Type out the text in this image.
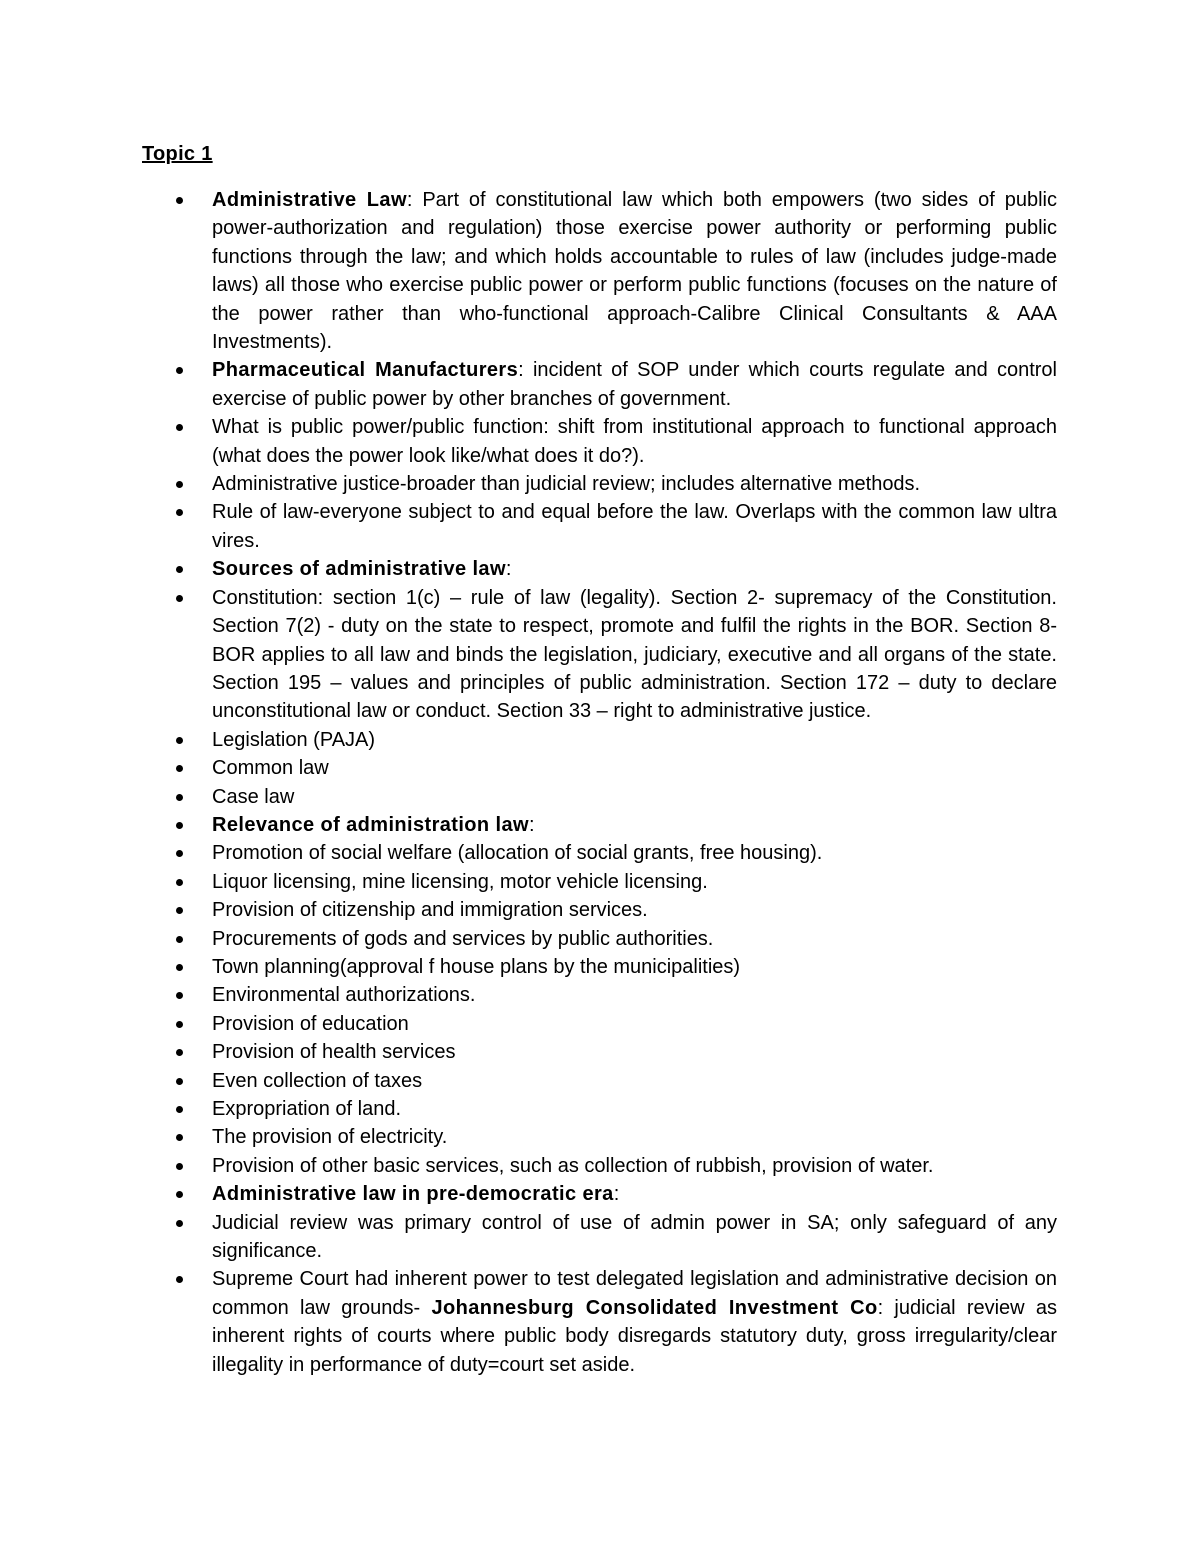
Topic 1
Administrative Law: Part of constitutional law which both empowers (two sides of public power-authorization and regulation) those exercise power authority or performing public functions through the law; and which holds accountable to rules of law (includes judge-made laws) all those who exercise public power or perform public functions (focuses on the nature of the power rather than who-functional approach-Calibre Clinical Consultants & AAA Investments).
Pharmaceutical Manufacturers: incident of SOP under which courts regulate and control exercise of public power by other branches of government.
What is public power/public function: shift from institutional approach to functional approach (what does the power look like/what does it do?).
Administrative justice-broader than judicial review; includes alternative methods.
Rule of law-everyone subject to and equal before the law. Overlaps with the common law ultra vires.
Sources of administrative law:
Constitution: section 1(c) – rule of law (legality). Section 2- supremacy of the Constitution. Section 7(2) - duty on the state to respect, promote and fulfil the rights in the BOR. Section 8- BOR applies to all law and binds the legislation, judiciary, executive and all organs of the state. Section 195 – values and principles of public administration. Section 172 – duty to declare unconstitutional law or conduct. Section 33 – right to administrative justice.
Legislation (PAJA)
Common law
Case law
Relevance of administration law:
Promotion of social welfare (allocation of social grants, free housing).
Liquor licensing, mine licensing, motor vehicle licensing.
Provision of citizenship and immigration services.
Procurements of gods and services by public authorities.
Town planning(approval f house plans by the municipalities)
Environmental authorizations.
Provision of education
Provision of health services
Even collection of taxes
Expropriation of land.
The provision of electricity.
Provision of other basic services, such as collection of rubbish, provision of water.
Administrative law in pre-democratic era:
Judicial review was primary control of use of admin power in SA; only safeguard of any significance.
Supreme Court had inherent power to test delegated legislation and administrative decision on common law grounds- Johannesburg Consolidated Investment Co: judicial review as inherent rights of courts where public body disregards statutory duty, gross irregularity/clear illegality in performance of duty=court set aside.
